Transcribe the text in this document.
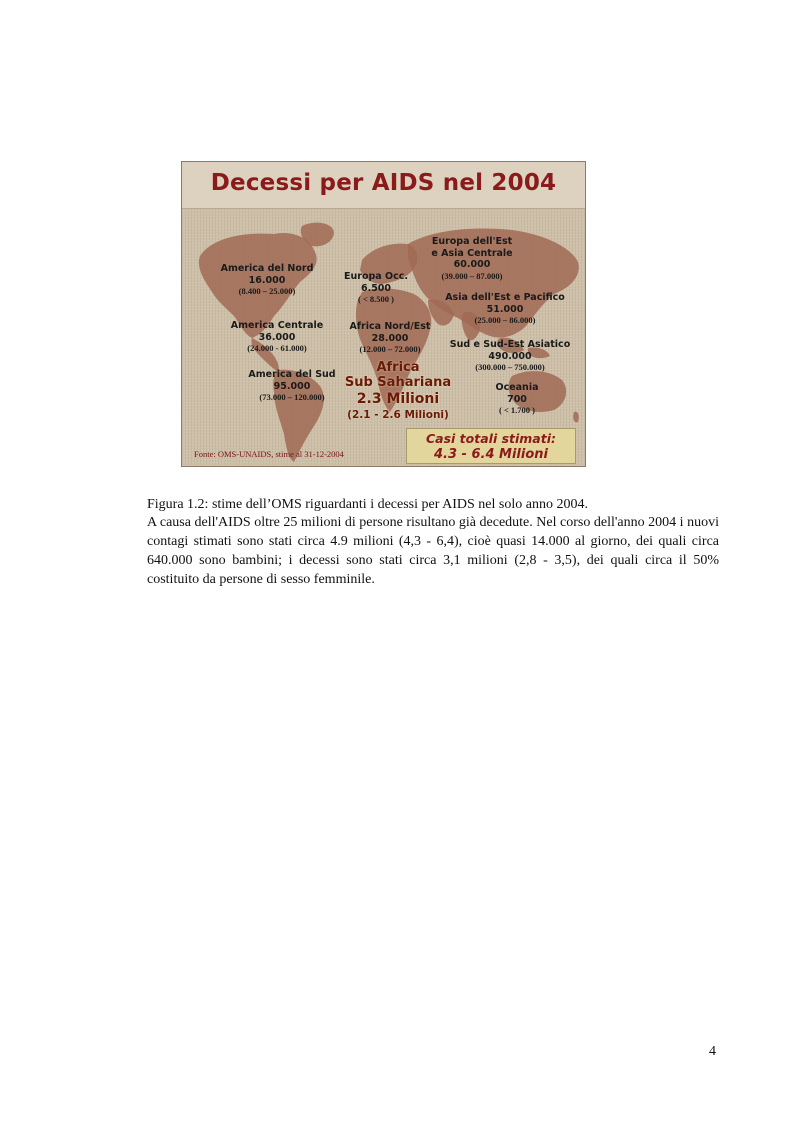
Decessi per AIDS nel 2004
America del Nord
16.000
(8.400 – 25.000)
America Centrale
36.000
(24.000 - 61.000)
America del Sud
95.000
(73.000 – 120.000)
Europa Occ.
6.500
( < 8.500 )
Africa Nord/Est
28.000
(12.000 – 72.000)
Europa dell'Est
e Asia Centrale
60.000
(39.000 – 87.000)
Asia dell'Est e Pacifico
51.000
(25.000 – 86.000)
Sud e Sud-Est Asiatico
490.000
(300.000 – 750.000)
Oceania
700
( < 1.700 )
Africa
Sub Sahariana
2.3 Milioni
(2.1 - 2.6 Milioni)
Casi totali stimati:
4.3 - 6.4 Milioni
Fonte: OMS-UNAIDS, stime al 31-12-2004
Figura 1.2: stime dell’OMS riguardanti i decessi per AIDS nel solo anno 2004.
A causa dell'AIDS oltre 25 milioni di persone risultano già decedute. Nel corso dell'anno 2004 i nuovi contagi stimati sono stati circa 4.9 milioni (4,3 - 6,4), cioè quasi 14.000 al giorno, dei quali circa 640.000 sono bambini; i decessi sono stati circa 3,1 milioni (2,8 - 3,5), dei quali circa il 50% costituito da persone di sesso femminile.
4
